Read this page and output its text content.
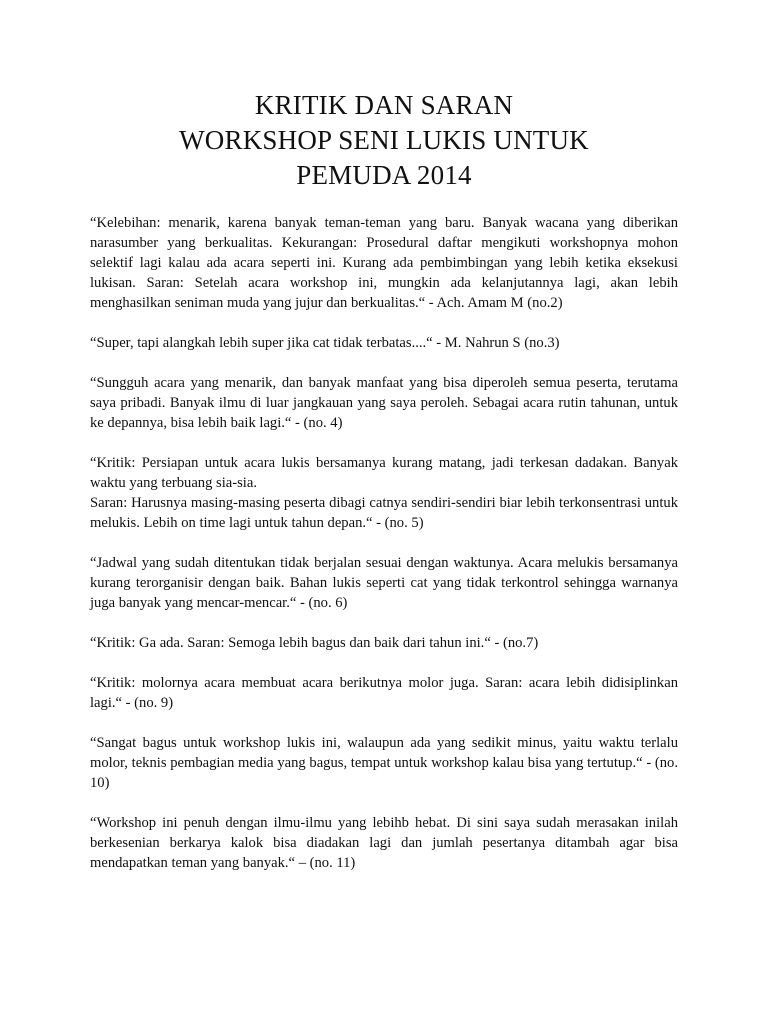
KRITIK DAN SARAN
WORKSHOP SENI LUKIS UNTUK
PEMUDA 2014

“Kelebihan: menarik, karena banyak teman-teman yang baru. Banyak wacana yang diberikan narasumber yang berkualitas. Kekurangan: Prosedural daftar mengikuti workshopnya mohon selektif lagi kalau ada acara seperti ini. Kurang ada pembimbingan yang lebih ketika eksekusi lukisan. Saran: Setelah acara workshop ini, mungkin ada kelanjutannya lagi, akan lebih menghasilkan seniman muda yang jujur dan berkualitas.“ - Ach. Amam M (no.2)

“Super, tapi alangkah lebih super jika cat tidak terbatas....“ - M. Nahrun S (no.3)

“Sungguh acara yang menarik, dan banyak manfaat yang bisa diperoleh semua peserta, terutama saya pribadi. Banyak ilmu di luar jangkauan yang saya peroleh. Sebagai acara rutin tahunan, untuk ke depannya, bisa lebih baik lagi.“ - (no. 4)

“Kritik: Persiapan untuk acara lukis bersamanya kurang matang, jadi terkesan dadakan. Banyak waktu yang terbuang sia-sia.
Saran: Harusnya masing-masing peserta dibagi catnya sendiri-sendiri biar lebih terkonsentrasi untuk melukis. Lebih on time lagi untuk tahun depan.“ - (no. 5)

“Jadwal yang sudah ditentukan tidak berjalan sesuai dengan waktunya. Acara melukis bersamanya kurang terorganisir dengan baik. Bahan lukis seperti cat yang tidak terkontrol sehingga warnanya juga banyak yang mencar-mencar.“ - (no. 6)

“Kritik: Ga ada. Saran: Semoga lebih bagus dan baik dari tahun ini.“ - (no.7)

“Kritik: molornya acara membuat acara berikutnya molor juga. Saran: acara lebih didisiplinkan lagi.“ - (no. 9)

“Sangat bagus untuk workshop lukis ini, walaupun ada yang sedikit minus, yaitu waktu terlalu molor, teknis pembagian media yang bagus, tempat untuk workshop kalau bisa yang tertutup.“ - (no. 10)

“Workshop ini penuh dengan ilmu-ilmu yang lebihb hebat. Di sini saya sudah merasakan inilah berkesenian berkarya kalok bisa diadakan lagi dan jumlah pesertanya ditambah agar bisa mendapatkan teman yang banyak.“ – (no. 11)
